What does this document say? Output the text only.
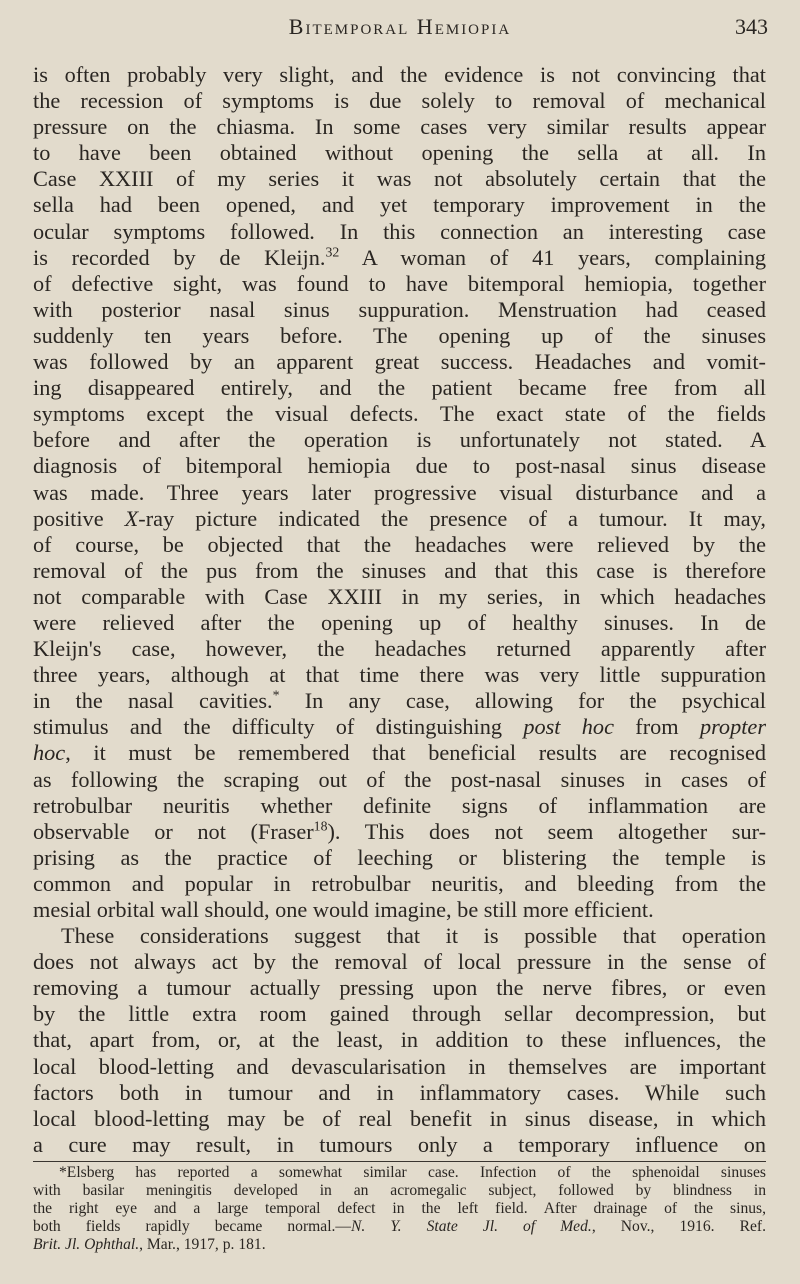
Bitemporal Hemiopia	343
is often probably very slight, and the evidence is not convincing that
the recession of symptoms is due solely to removal of mechanical
pressure on the chiasma. In some cases very similar results appear
to have been obtained without opening the sella at all. In
Case XXIII of my series it was not absolutely certain that the
sella had been opened, and yet temporary improvement in the
ocular symptoms followed. In this connection an interesting case
is recorded by de Kleijn.$^{32}$ A woman of 41 years, complaining
of defective sight, was found to have bitemporal hemiopia, together
with posterior nasal sinus suppuration. Menstruation had ceased
suddenly ten years before. The opening up of the sinuses
was followed by an apparent great success. Headaches and vomit-
ing disappeared entirely, and the patient became free from all
symptoms except the visual defects. The exact state of the fields
before and after the operation is unfortunately not stated. A
diagnosis of bitemporal hemiopia due to post-nasal sinus disease
was made. Three years later progressive visual disturbance and a
positive X-ray picture indicated the presence of a tumour. It may,
of course, be objected that the headaches were relieved by the
removal of the pus from the sinuses and that this case is therefore
not comparable with Case XXIII in my series, in which headaches
were relieved after the opening up of healthy sinuses. In de
Kleijn's case, however, the headaches returned apparently after
three years, although at that time there was very little suppuration
in the nasal cavities.* In any case, allowing for the psychical
stimulus and the difficulty of distinguishing post hoc from propter
hoc, it must be remembered that beneficial results are recognised
as following the scraping out of the post-nasal sinuses in cases of
retrobulbar neuritis whether definite signs of inflammation are
observable or not (Fraser$^{18}$). This does not seem altogether sur-
prising as the practice of leeching or blistering the temple is
common and popular in retrobulbar neuritis, and bleeding from the
mesial orbital wall should, one would imagine, be still more efficient.
These considerations suggest that it is possible that operation
does not always act by the removal of local pressure in the sense of
removing a tumour actually pressing upon the nerve fibres, or even
by the little extra room gained through sellar decompression, but
that, apart from, or, at the least, in addition to these influences, the
local blood-letting and devascularisation in themselves are important
factors both in tumour and in inflammatory cases. While such
local blood-letting may be of real benefit in sinus disease, in which
a cure may result, in tumours only a temporary influence on
*Elsberg has reported a somewhat similar case. Infection of the sphenoidal sinuses
with basilar meningitis developed in an acromegalic subject, followed by blindness in
the right eye and a large temporal defect in the left field. After drainage of the sinus,
both fields rapidly became normal.—N. Y. State Jl. of Med., Nov., 1916. Ref.
Brit. Jl. Ophthal., Mar., 1917, p. 181.
